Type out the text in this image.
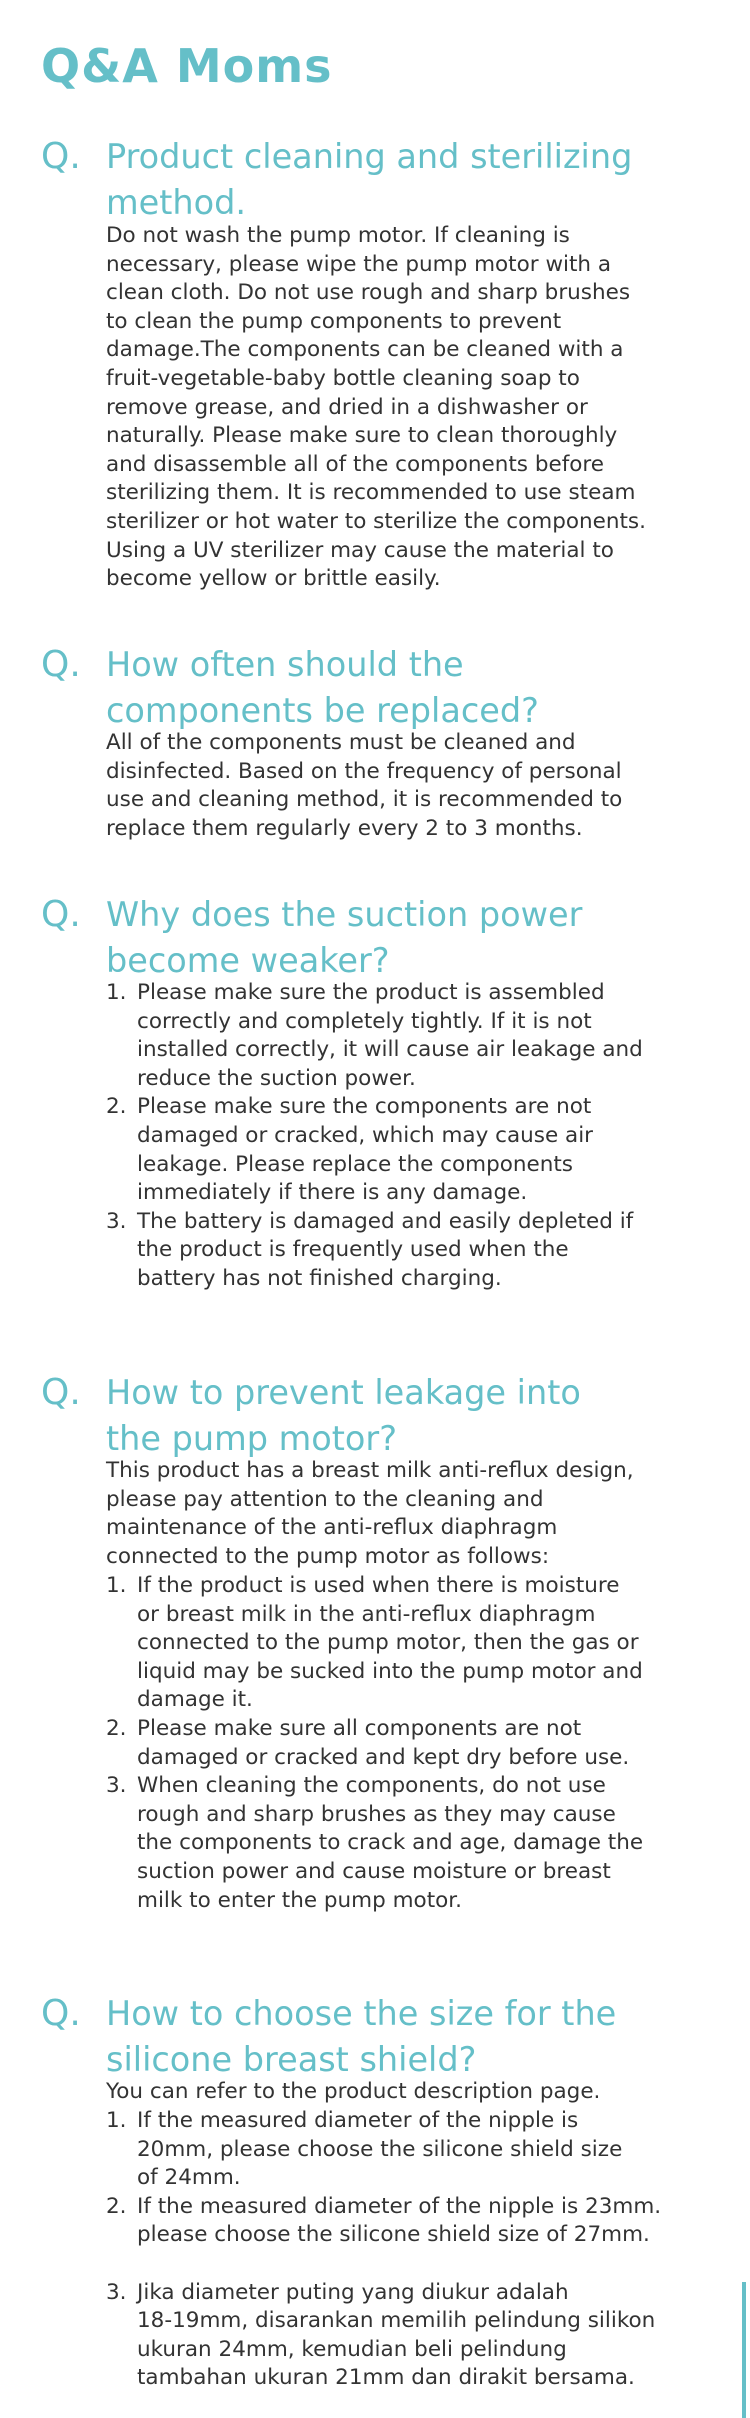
Q&A Moms
Q. Product cleaning and sterilizing
method.

Do not wash the pump motor. If cleaning is
necessary, please wipe the pump motor with a
clean cloth. Do not use rough and sharp brushes
to clean the pump components to prevent
damage.The components can be cleaned with a
fruit-vegetable-baby bottle cleaning soap to
remove grease, and dried in a dishwasher or
naturally. Please make sure to clean thoroughly
and disassemble all of the components before
sterilizing them. It is recommended to use steam
sterilizer or hot water to sterilize the components.
Using a UV sterilizer may cause the material to
become yellow or brittle easily.

Q. How often should the
components be replaced?

All of the components must be cleaned and
disinfected. Based on the frequency of personal
use and cleaning method, it is recommended to
replace them regularly every 2 to 3 months.

Q. Why does the suction power
become weaker?
1. Please make sure the product is assembled
correctly and completely tightly. If it is not
installed correctly, it will cause air leakage and
reduce the suction power.
2. Please make sure the components are not
damaged or cracked, which may cause air
leakage. Please replace the components
immediately if there is any damage.
3. The battery is damaged and easily depleted if
the product is frequently used when the
battery has not finished charging.
Q. How to prevent leakage into
the pump motor?

This product has a breast milk anti-reflux design,
please pay attention to the cleaning and
maintenance of the anti-reflux diaphragm
connected to the pump motor as follows:

1. If the product is used when there is moisture
or breast milk in the anti-reflux diaphragm
connected to the pump motor, then the gas or
liquid may be sucked into the pump motor and
damage it.
2. Please make sure all components are not
damaged or cracked and kept dry before use.
3. When cleaning the components, do not use
rough and sharp brushes as they may cause
the components to crack and age, damage the
suction power and cause moisture or breast
milk to enter the pump motor.
Q. How to choose the size for the
silicone breast shield?

You can refer to the product description page.

1. If the measured diameter of the nipple is
20mm, please choose the silicone shield size
of 24mm.
2. If the measured diameter of the nipple is 23mm.
please choose the silicone shield size of 27mm.
3. Jika diameter puting yang diukur adalah
18-19mm, disarankan memilih pelindung silikon
ukuran 24mm, kemudian beli pelindung
tambahan ukuran 21mm dan dirakit bersama.
